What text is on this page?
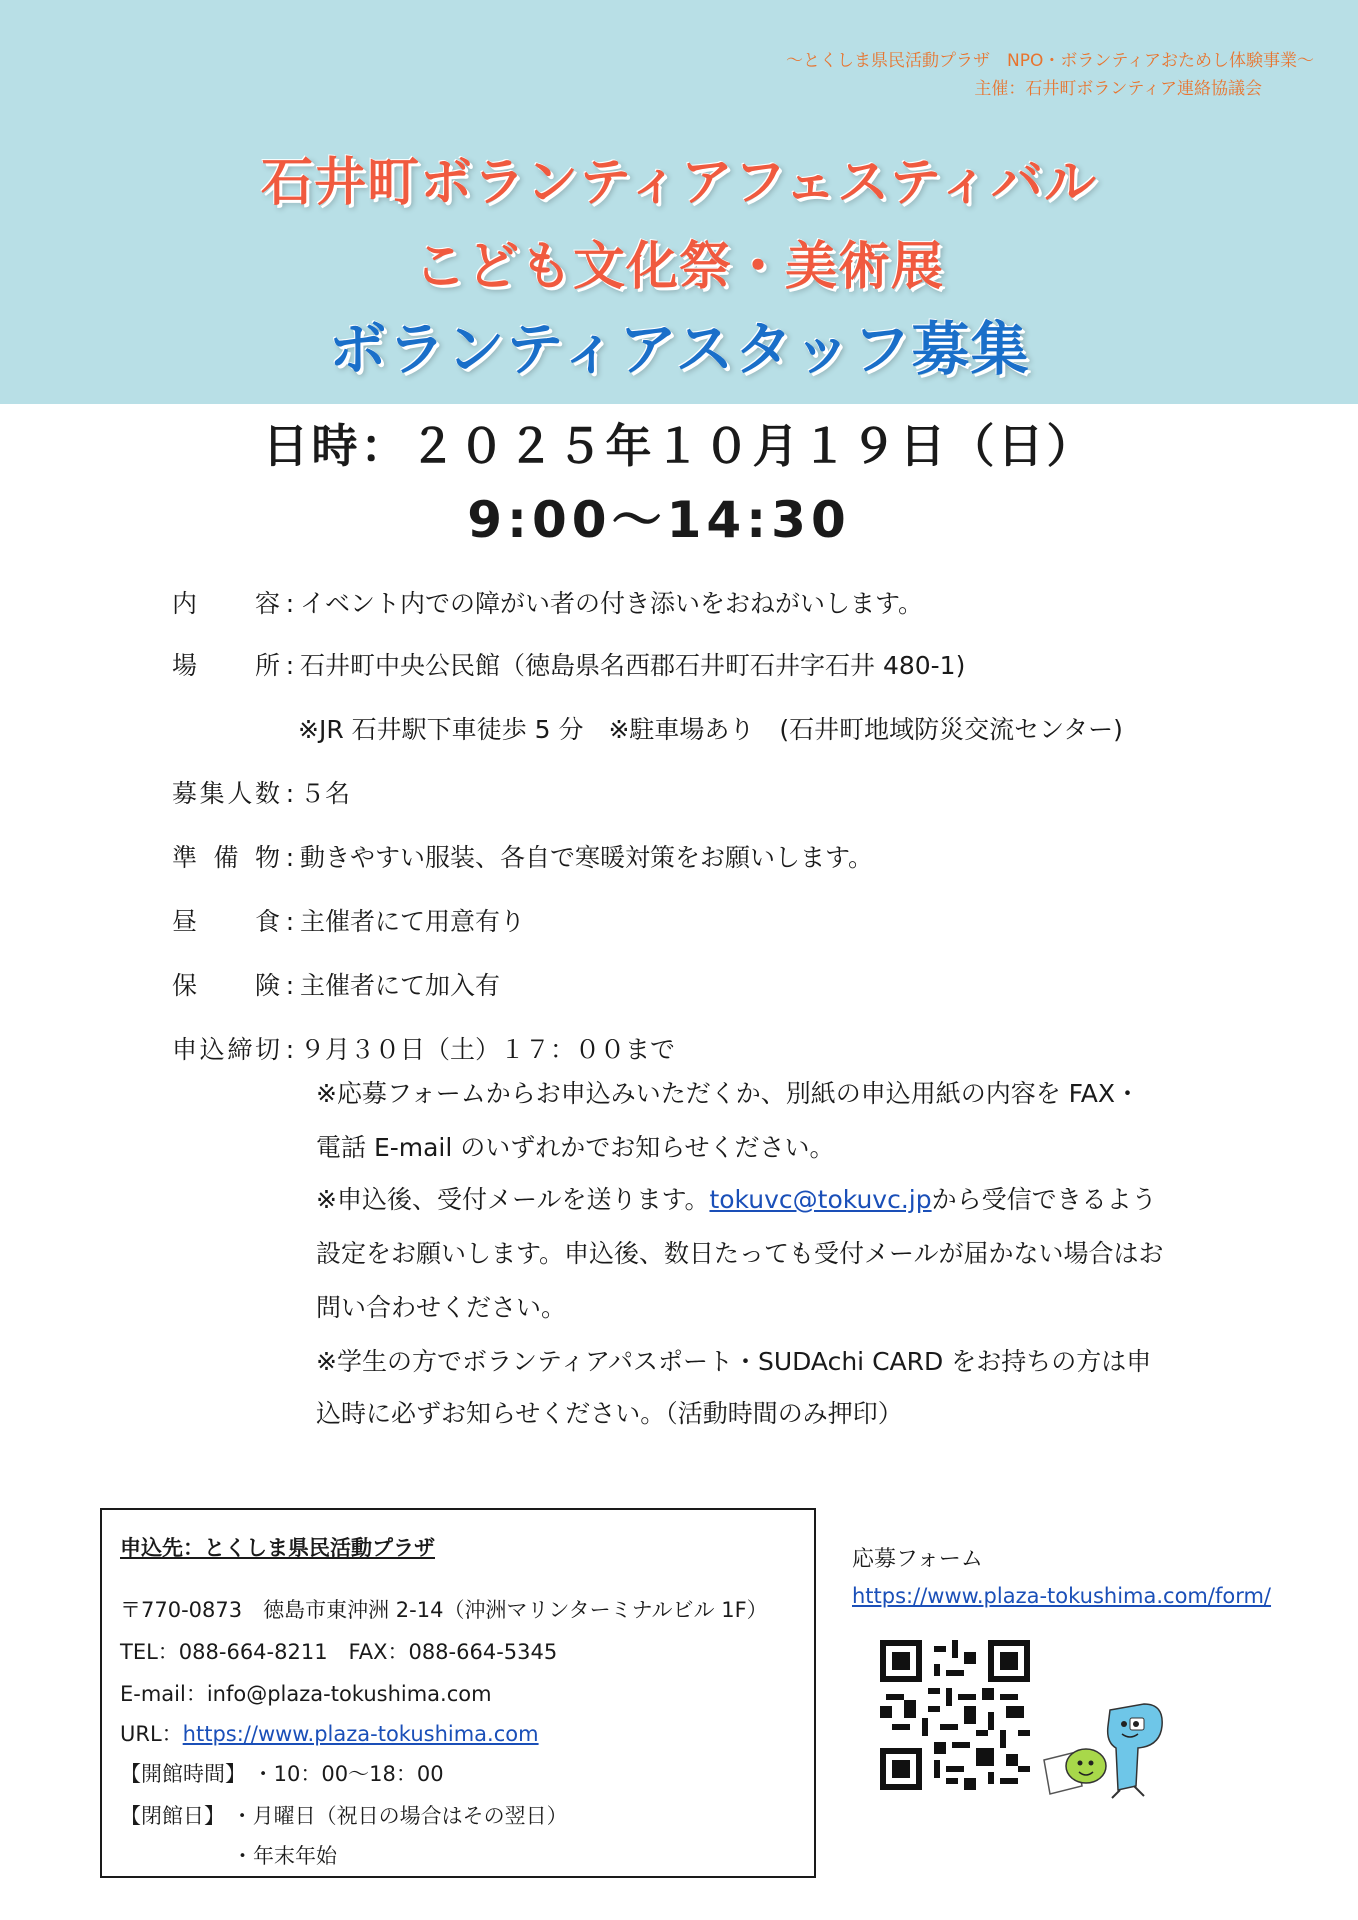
〜とくしま県民活動プラザ　NPO・ボランティアおためし体験事業〜
主催：石井町ボランティア連絡協議会
石井町ボランティアフェスティバル
こども文化祭・美術展
ボランティアスタッフ募集
日時：２０２５年１０月１９日（日）
9:00〜14:30
内容 : イベント内での障がい者の付き添いをおねがいします。
場所 : 石井町中央公民館（徳島県名西郡石井町石井字石井 480-1)
※JR 石井駅下車徒歩 5 分　※駐車場あり　(石井町地域防災交流センター)
募集人数 : ５名
準備物 : 動きやすい服装、各自で寒暖対策をお願いします。
昼食 : 主催者にて用意有り
保険 : 主催者にて加入有
申込締切 : ９月３０日（土）１７：００まで
※応募フォームからお申込みいただくか、別紙の申込用紙の内容を FAX・
電話 E-mail のいずれかでお知らせください。
※申込後、受付メールを送ります。tokuvc@tokuvc.jpから受信できるよう
設定をお願いします。申込後、数日たっても受付メールが届かない場合はお
問い合わせください。
※学生の方でボランティアパスポート・SUDAchi CARD をお持ちの方は申
込時に必ずお知らせください。（活動時間のみ押印）
申込先：とくしま県民活動プラザ
〒770-0873　徳島市東沖洲 2-14（沖洲マリンターミナルビル 1F）
TEL：088-664-8211　FAX：088-664-5345
E-mail：info@plaza-tokushima.com
URL：https://www.plaza-tokushima.com
【開館時間】 ・10：00〜18：00
【閉館日】 ・月曜日（祝日の場合はその翌日）
・年末年始
応募フォーム
https://www.plaza-tokushima.com/form/
